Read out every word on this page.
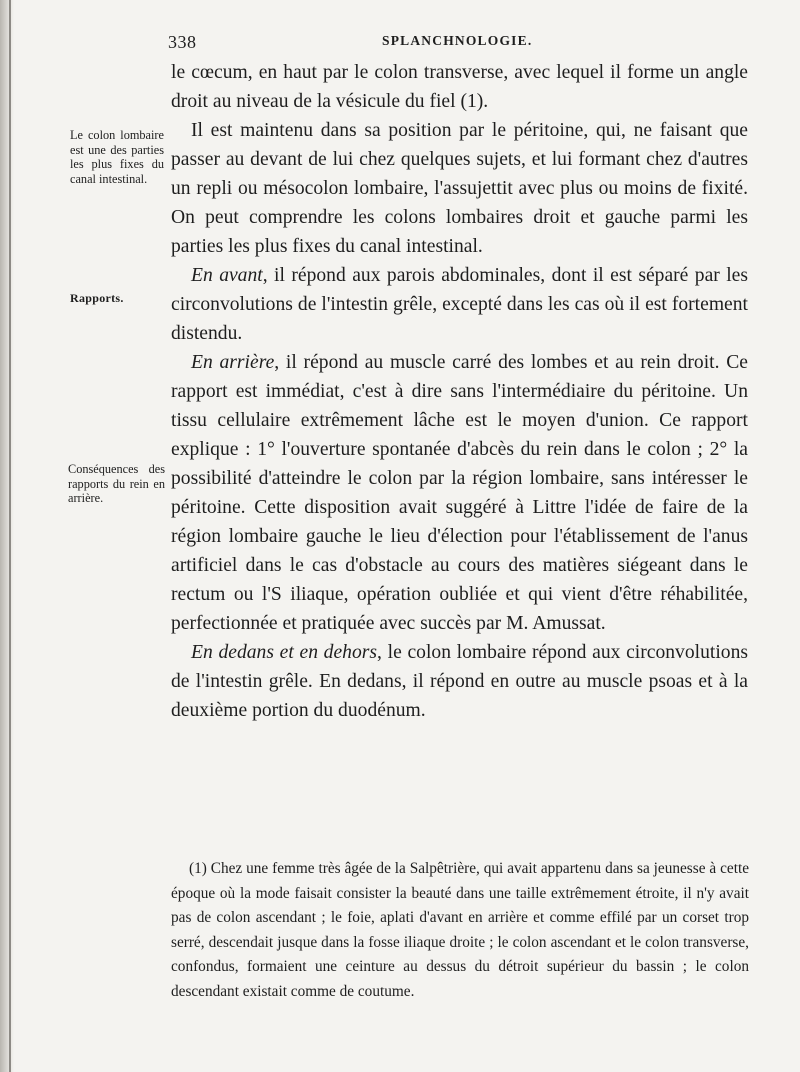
338	SPLANCHNOLOGIE.
Le colon lombaire est une des parties les plus fixes du canal intestinal.
Rapports.
Conséquences des rapports du rein en arrière.

le cœcum, en haut par le colon transverse, avec lequel il forme un angle droit au niveau de la vésicule du fiel (1).

Il est maintenu dans sa position par le péritoine, qui, ne faisant que passer au devant de lui chez quelques sujets, et lui formant chez d'autres un repli ou mésocolon lombaire, l'assujettit avec plus ou moins de fixité. On peut comprendre les colons lombaires droit et gauche parmi les parties les plus fixes du canal intestinal.

En avant, il répond aux parois abdominales, dont il est séparé par les circonvolutions de l'intestin grêle, excepté dans les cas où il est fortement distendu.

En arrière, il répond au muscle carré des lombes et au rein droit. Ce rapport est immédiat, c'est à dire sans l'intermédiaire du péritoine. Un tissu cellulaire extrêmement lâche est le moyen d'union. Ce rapport explique : 1° l'ouverture spontanée d'abcès du rein dans le colon ; 2° la possibilité d'atteindre le colon par la région lombaire, sans intéresser le péritoine. Cette disposition avait suggéré à Littre l'idée de faire de la région lombaire gauche le lieu d'élection pour l'établissement de l'anus artificiel dans le cas d'obstacle au cours des matières siégeant dans le rectum ou l'S iliaque, opération oubliée et qui vient d'être réhabilitée, perfectionnée et pratiquée avec succès par M. Amussat.

En dedans et en dehors, le colon lombaire répond aux circonvolutions de l'intestin grêle. En dedans, il répond en outre au muscle psoas et à la deuxième portion du duodénum.

(1) Chez une femme très âgée de la Salpêtrière, qui avait appartenu dans sa jeunesse à cette époque où la mode faisait consister la beauté dans une taille extrêmement étroite, il n'y avait pas de colon ascendant ; le foie, aplati d'avant en arrière et comme effilé par un corset trop serré, descendait jusque dans la fosse iliaque droite ; le colon ascendant et le colon transverse, confondus, formaient une ceinture au dessus du détroit supérieur du bassin ; le colon descendant existait comme de coutume.
